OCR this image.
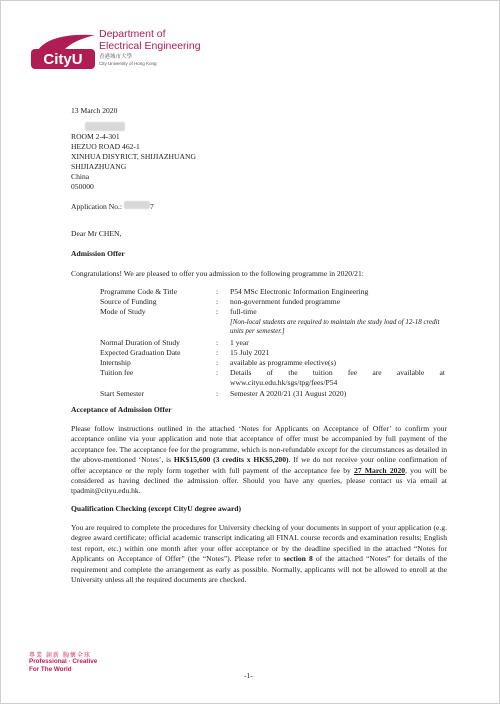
CityU
Department of
Electrical Engineering
香港城市大學
City University of Hong Kong
13 March 2020
ROOM 2-4-301
HEZUO ROAD 462-1
XINHUA DISYRICT, SHIJIAZHUANG
SHIJIAZHUANG
China
050000
Application No.:	7
Dear Mr CHEN,
Admission Offer
Congratulations! We are pleased to offer you admission to the following programme in 2020/21:
Programme Code & Title	:	P54 MSc Electronic Information Engineering
Source of Funding	:	non-government funded programme
Mode of Study	:	full-time
[Non-local students are required to maintain the study load of 12-18 credit units per semester.]
Normal Duration of Study	:	1 year
Expected Graduation Date	:	15 July 2021
Internship	:	available as programme elective(s)
Tuition fee	:	Details of the tuition fee are available at
www.cityu.edu.hk/sgs/tpg/fees/P54
Start Semester	:	Semester A 2020/21 (31 August 2020)
Acceptance of Admission Offer
Please follow instructions outlined in the attached ‘Notes for Applicants on Acceptance of Offer’ to confirm your acceptance online via your application and note that acceptance of offer must be accompanied by full payment of the acceptance fee. The acceptance fee for the programme, which is non-refundable except for the circumstances as detailed in the above-mentioned ‘Notes’, is HK$15,600 (3 credits x HK$5,200). If we do not receive your online confirmation of offer acceptance or the reply form together with full payment of the acceptance fee by 27 March 2020, you will be considered as having declined the admission offer. Should you have any queries, please contact us via email at tpadmit@cityu.edu.hk.
Qualification Checking (except CityU degree award)
You are required to complete the procedures for University checking of your documents in support of your application (e.g. degree award certificate; official academic transcript indicating all FINAL course records and examination results; English test report, etc.) within one month after your offer acceptance or by the deadline specified in the attached “Notes for Applicants on Acceptance of Offer” (the “Notes”). Please refer to section 8 of the attached “Notes” for details of the requirement and complete the arrangement as early as possible. Normally, applicants will not be allowed to enroll at the University unless all the required documents are checked.
專業 創新 胸懷全球
Professional · Creative
For The World
-1-
